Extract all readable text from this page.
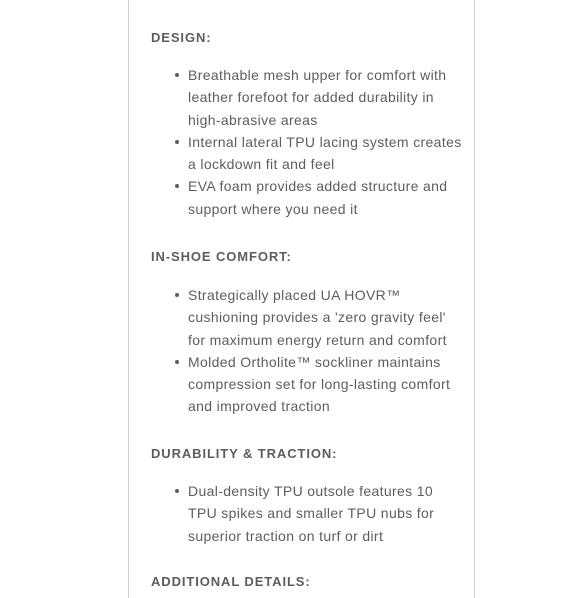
DESIGN:
Breathable mesh upper for comfort with leather forefoot for added durability in high-abrasive areas
Internal lateral TPU lacing system creates a lockdown fit and feel
EVA foam provides added structure and support where you need it
IN-SHOE COMFORT:
Strategically placed UA HOVR™ cushioning provides a 'zero gravity feel' for maximum energy return and comfort
Molded Ortholite™ sockliner maintains compression set for long-lasting comfort and improved traction
DURABILITY & TRACTION:
Dual-density TPU outsole features 10 TPU spikes and smaller TPU nubs for superior traction on turf or dirt
ADDITIONAL DETAILS:
